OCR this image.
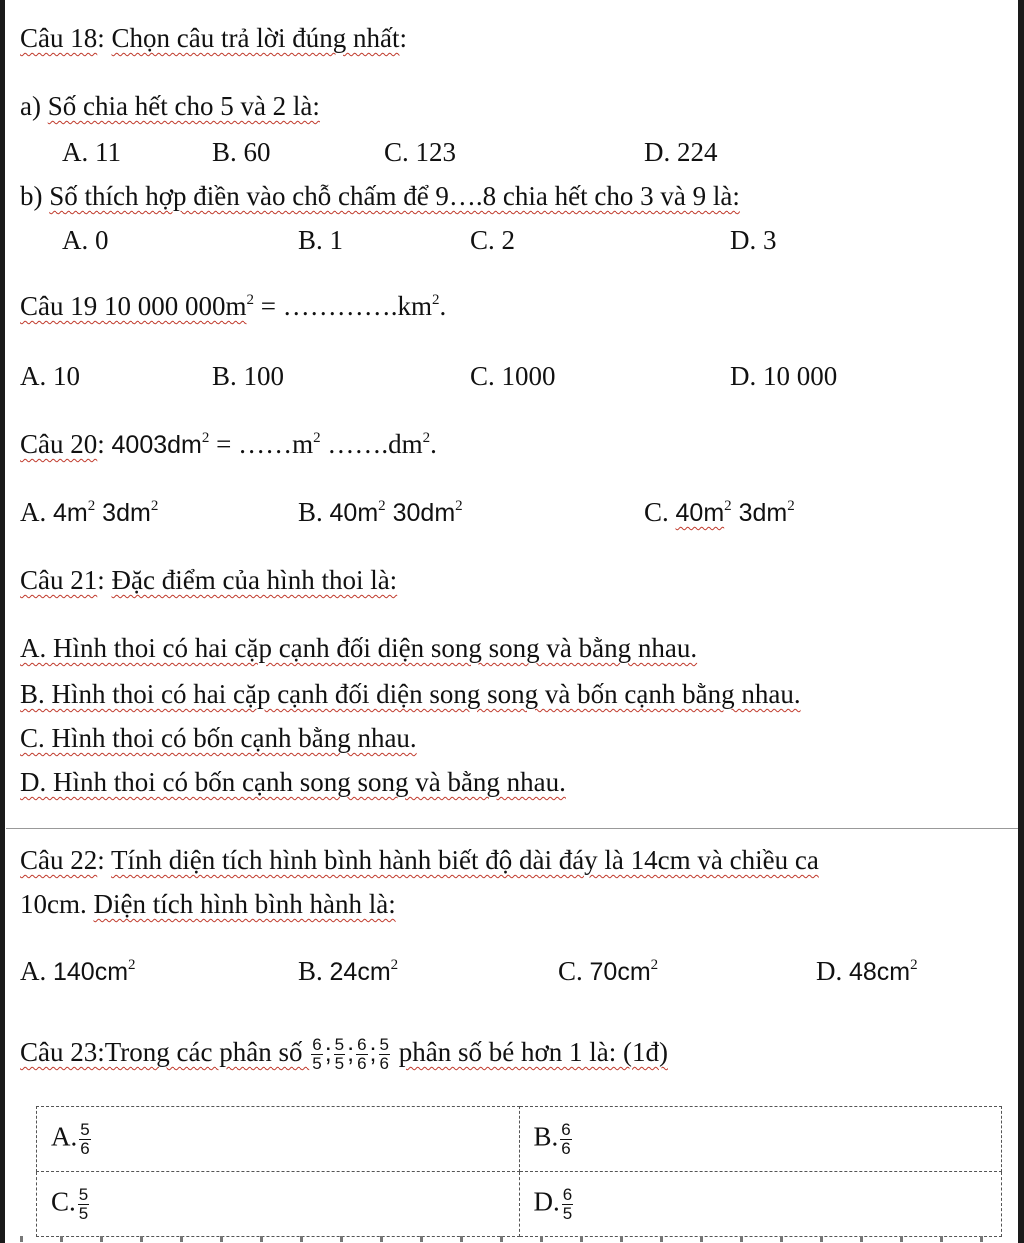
Câu 18: Chọn câu trả lời đúng nhất:
a) Số chia hết cho 5 và 2 là:
A. 11	B. 60	C. 123	D. 224
b) Số thích hợp điền vào chỗ chấm để 9….8 chia hết cho 3 và 9 là:
A. 0	B. 1	C. 2	D. 3
Câu 19 10 000 $000m^2$ = $\dots\dots\dots\dots.km^2$.
A. 10	B. 100	C. 1000	D. 10 000
Câu 20: $4003dm^2$ = $\dots\dots m^2$ $\dots\dots.dm^2$.
A. $4m^2$ $3dm^2$	B. $40m^2$ $30dm^2$	C. $40m^2$ $3dm^2$
Câu 21: Đặc điểm của hình thoi là:
A. Hình thoi có hai cặp cạnh đối diện song song và bằng nhau.
B. Hình thoi có hai cặp cạnh đối diện song song và bốn cạnh bằng nhau.
C. Hình thoi có bốn cạnh bằng nhau.
D. Hình thoi có bốn cạnh song song và bằng nhau.
Câu 22: Tính diện tích hình bình hành biết độ dài đáy là 14cm và chiều ca
10cm. Diện tích hình bình hành là:
A. $140cm^2$	B. $24cm^2$	C. $70cm^2$	D. $48cm^2$
Câu 23:Trong các phân số $\frac{6}{5}$ ; $\frac{5}{5}$ ; $\frac{6}{6}$ ; $\frac{5}{6}$ phân số bé hơn 1 là: (1đ)
A. $\frac{5}{6}$	B. $\frac{6}{6}$

C. $\frac{5}{5}$	D. $\frac{6}{5}$
